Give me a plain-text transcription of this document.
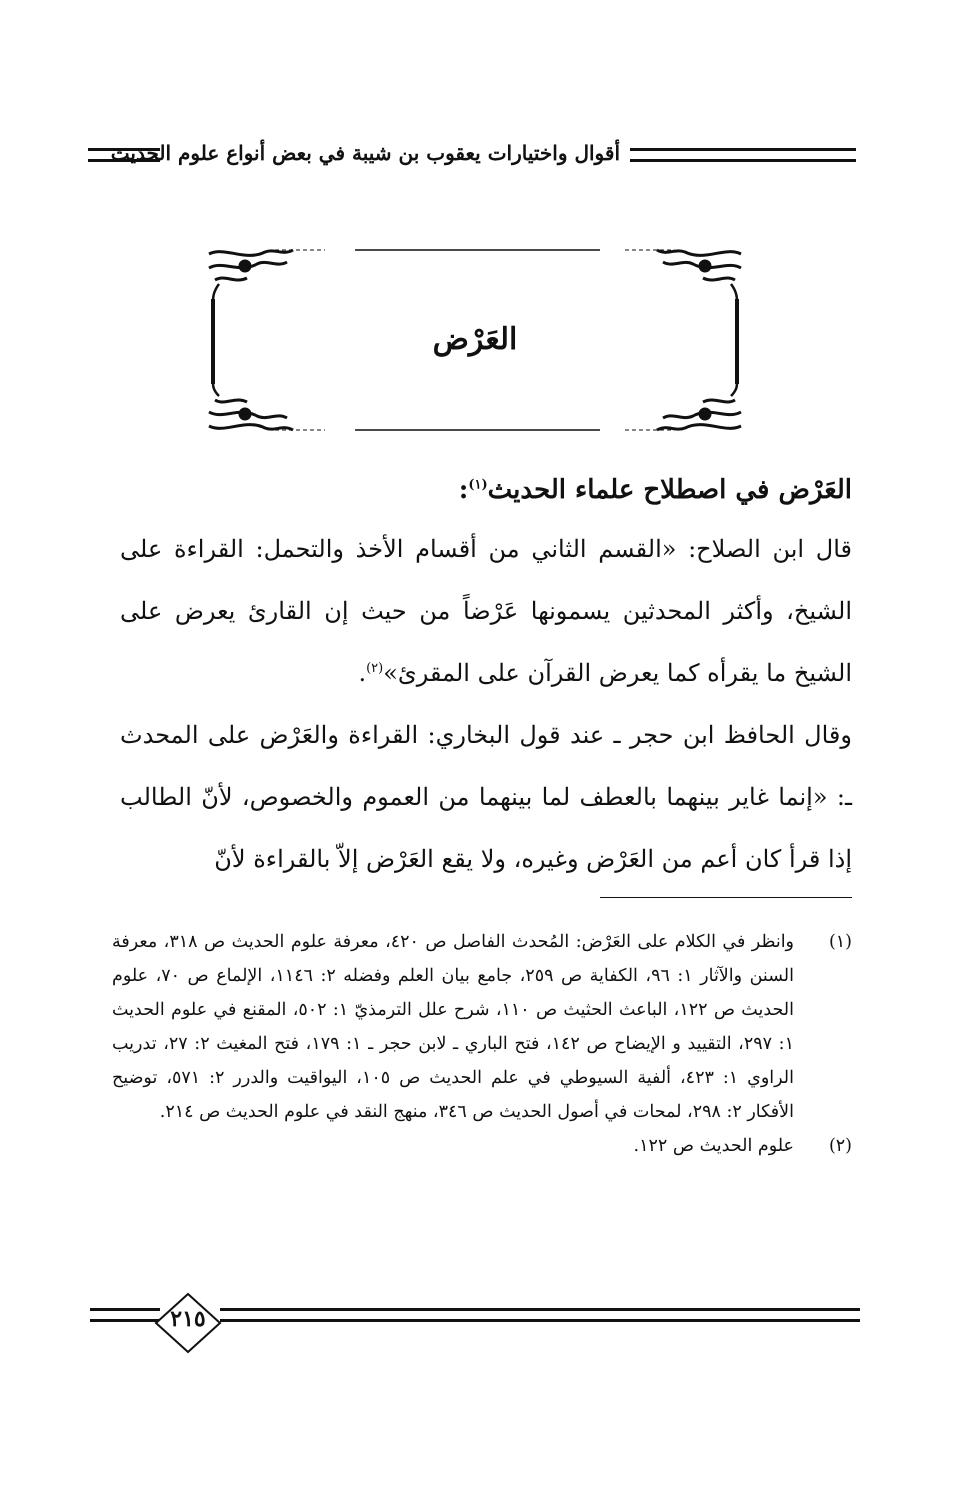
أقوال واختيارات يعقوب بن شيبة في بعض أنواع علوم الحديث
العَرْض
العَرْض في اصطلاح علماء الحديث$^{(١)}$:

قال ابن الصلاح: «القسم الثاني من أقسام الأخذ والتحمل: القراءة على الشيخ، وأكثر المحدثين يسمونها عَرْضاً من حيث إن القارئ يعرض على الشيخ ما يقرأه كما يعرض القرآن على المقرئ»$^{(٢)}$.

وقال الحافظ ابن حجر ـ عند قول البخاري: القراءة والعَرْض على المحدث ـ: «إنما غاير بينهما بالعطف لما بينهما من العموم والخصوص، لأنّ الطالب إذا قرأ كان أعم من العَرْض وغيره، ولا يقع العَرْض إلاّ بالقراءة لأنّ

(١)
وانظر في الكلام على العَرْض: المُحدث الفاصل ص ٤٢٠، معرفة علوم الحديث ص ٣١٨، معرفة السنن والآثار ١: ٩٦، الكفاية ص ٢٥٩، جامع بيان العلم وفضله ٢: ١١٤٦، الإلماع ص ٧٠، علوم الحديث ص ١٢٢، الباعث الحثيث ص ١١٠، شرح علل الترمذيّ ١: ٥٠٢، المقنع في علوم الحديث ١: ٢٩٧، التقييد و الإيضاح ص ١٤٢، فتح الباري ـ لابن حجر ـ ١: ١٧٩، فتح المغيث ٢: ٢٧، تدريب الراوي ١: ٤٢٣، ألفية السيوطي في علم الحديث ص ١٠٥، اليواقيت والدرر ٢: ٥٧١، توضيح الأفكار ٢: ٢٩٨، لمحات في أصول الحديث ص ٣٤٦، منهج النقد في علوم الحديث ص ٢١٤.
(٢)
علوم الحديث ص ١٢٢.
٢١٥
